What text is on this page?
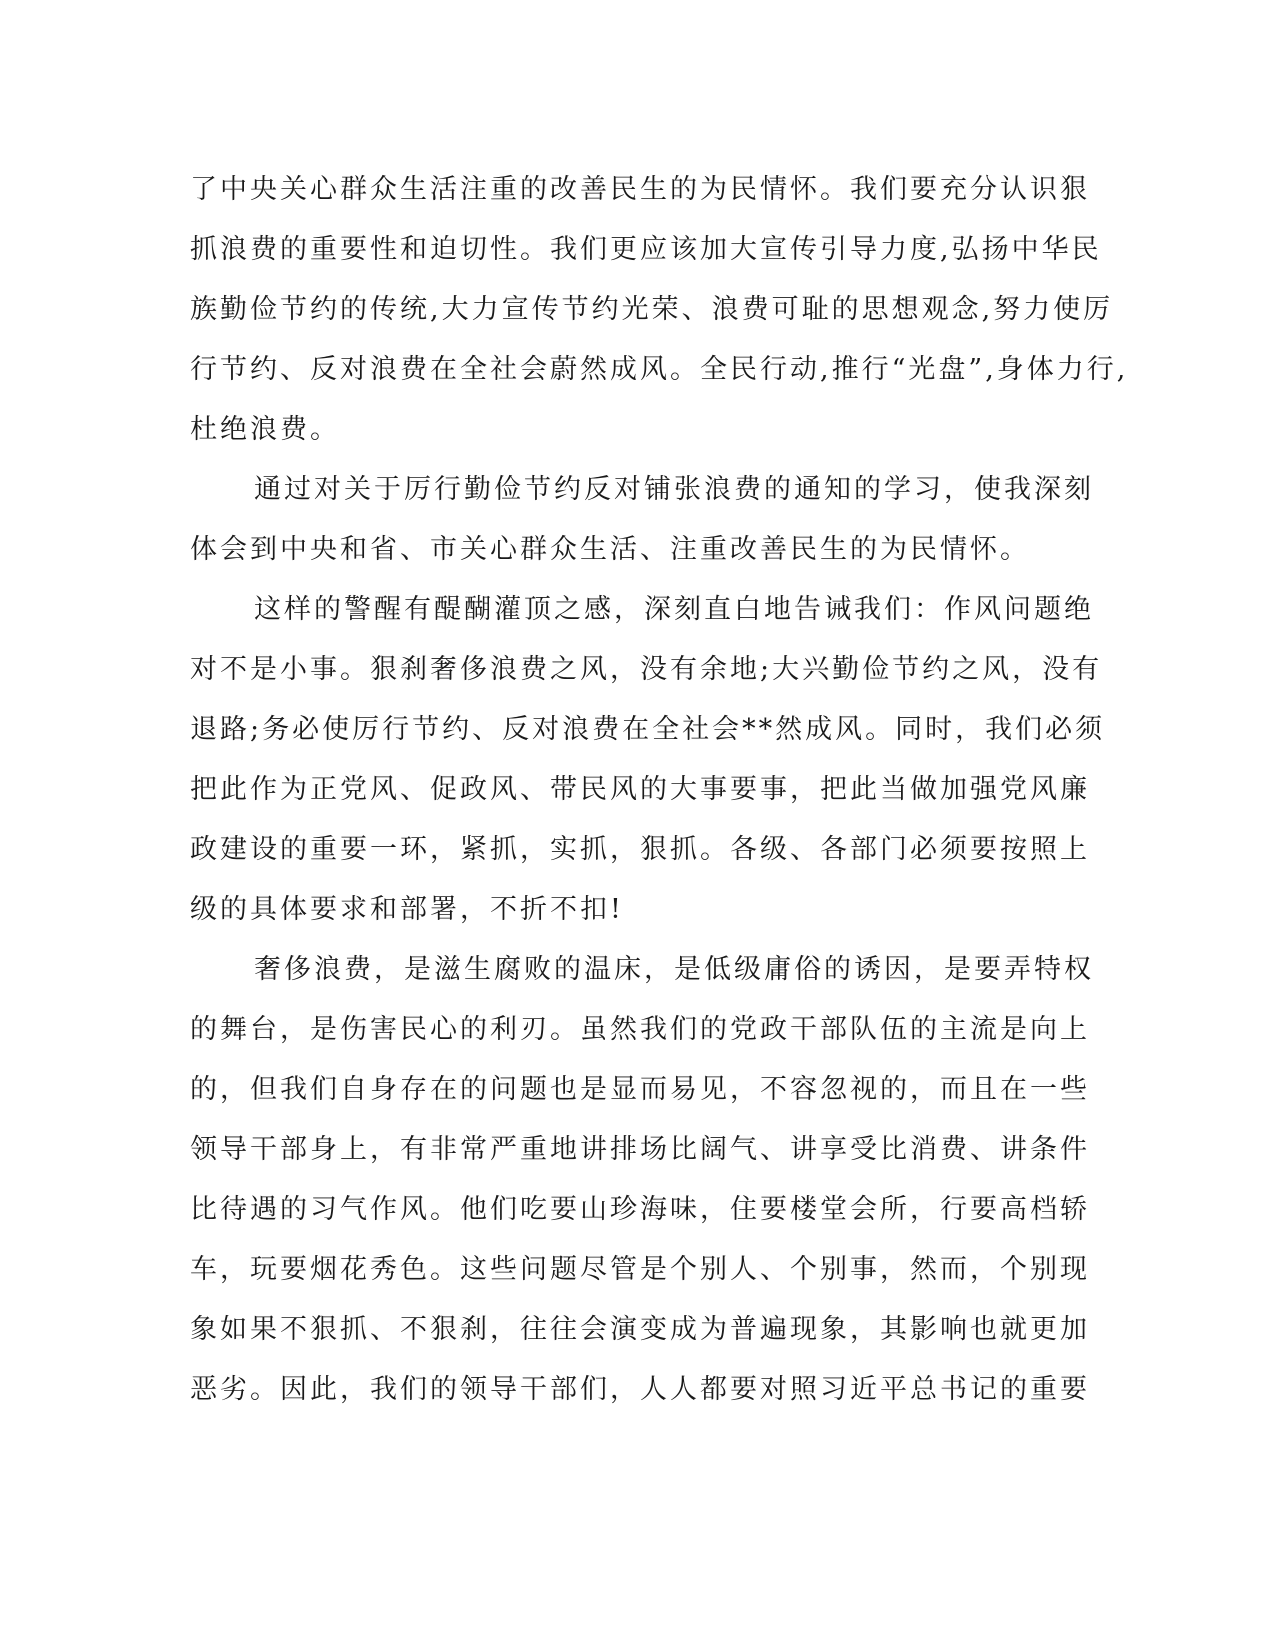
了中央关心群众生活注重的改善民生的为民情怀。我们要充分认识狠
抓浪费的重要性和迫切性。我们更应该加大宣传引导力度,弘扬中华民
族勤俭节约的传统,大力宣传节约光荣、浪费可耻的思想观念,努力使厉
行节约、反对浪费在全社会蔚然成风。全民行动,推行“光盘”,身体力行,
杜绝浪费。
通过对关于厉行勤俭节约反对铺张浪费的通知的学习，使我深刻
体会到中央和省、市关心群众生活、注重改善民生的为民情怀。
这样的警醒有醍醐灌顶之感，深刻直白地告诫我们：作风问题绝
对不是小事。狠刹奢侈浪费之风，没有余地;大兴勤俭节约之风，没有
退路;务必使厉行节约、反对浪费在全社会**然成风。同时，我们必须
把此作为正党风、促政风、带民风的大事要事，把此当做加强党风廉
政建设的重要一环，紧抓，实抓，狠抓。各级、各部门必须要按照上
级的具体要求和部署，不折不扣!
奢侈浪费，是滋生腐败的温床，是低级庸俗的诱因，是要弄特权
的舞台，是伤害民心的利刃。虽然我们的党政干部队伍的主流是向上
的，但我们自身存在的问题也是显而易见，不容忽视的，而且在一些
领导干部身上，有非常严重地讲排场比阔气、讲享受比消费、讲条件
比待遇的习气作风。他们吃要山珍海味，住要楼堂会所，行要高档轿
车，玩要烟花秀色。这些问题尽管是个别人、个别事，然而，个别现
象如果不狠抓、不狠刹，往往会演变成为普遍现象，其影响也就更加
恶劣。因此，我们的领导干部们，人人都要对照习近平总书记的重要
